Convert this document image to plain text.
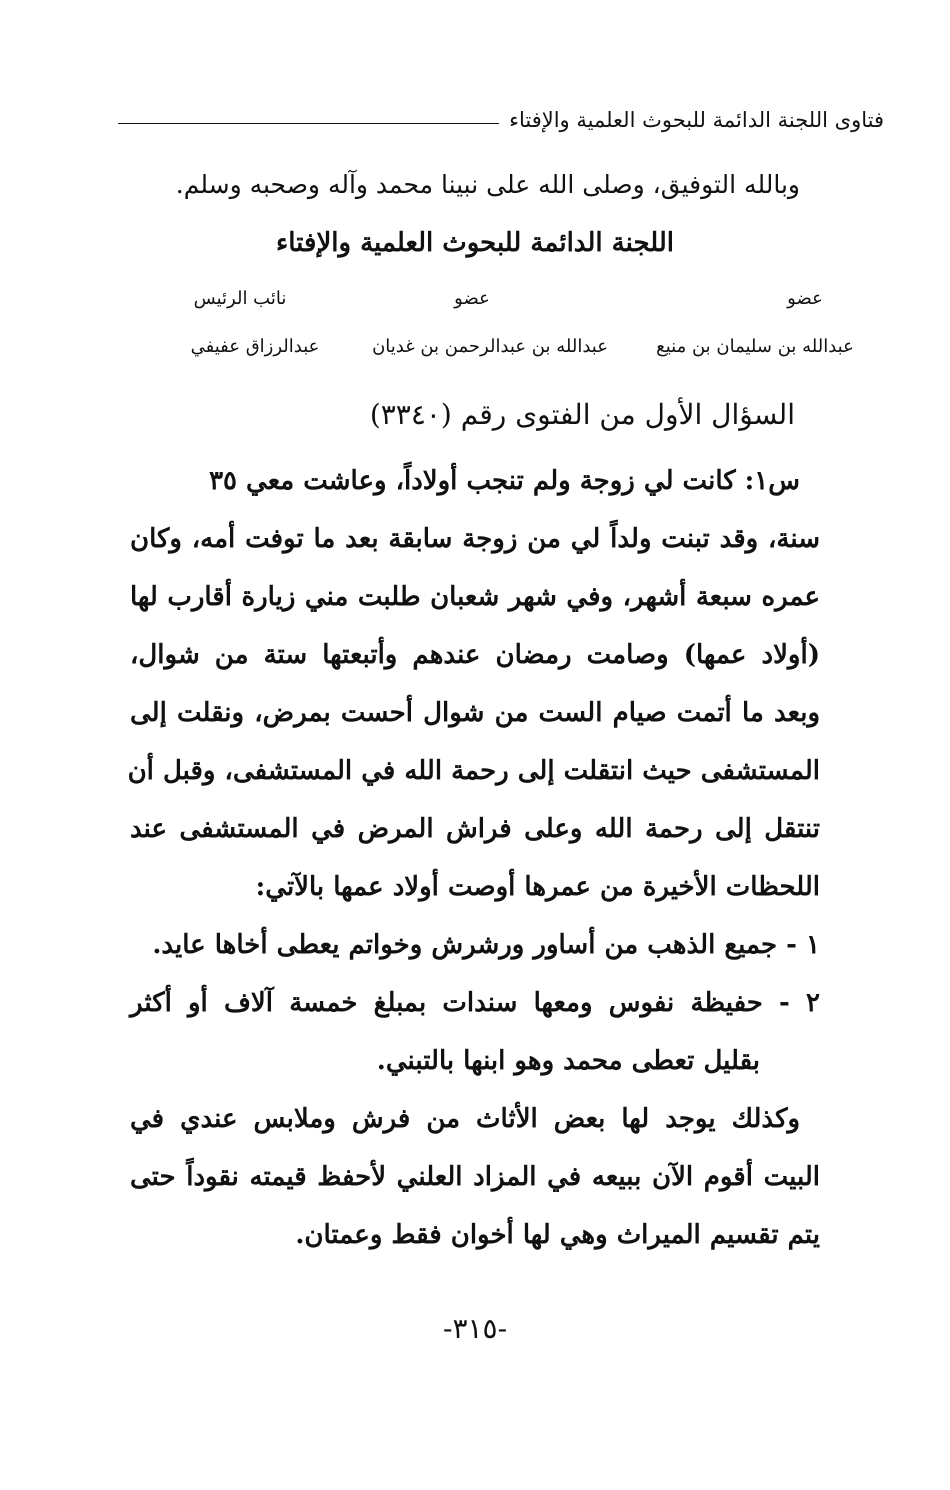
فتاوى اللجنة الدائمة للبحوث العلمية والإفتاء
وبالله التوفيق، وصلى الله على نبينا محمد وآله وصحبه وسلم.
اللجنة الدائمة للبحوث العلمية والإفتاء
عضو
عضو
نائب الرئيس
عبدالله بن سليمان بن منيع
عبدالله بن عبدالرحمن بن غديان
عبدالرزاق عفيفي
السؤال الأول من الفتوى رقم (٣٣٤٠)
س١: كانت لي زوجة ولم تنجب أولاداً، وعاشت معي ٣٥
سنة، وقد تبنت ولداً لي من زوجة سابقة بعد ما توفت أمه، وكان
عمره سبعة أشهر، وفي شهر شعبان طلبت مني زيارة أقارب لها
(أولاد عمها) وصامت رمضان عندهم وأتبعتها ستة من شوال،
وبعد ما أتمت صيام الست من شوال أحست بمرض، ونقلت إلى
المستشفى حيث انتقلت إلى رحمة الله في المستشفى، وقبل أن
تنتقل إلى رحمة الله وعلى فراش المرض في المستشفى عند
اللحظات الأخيرة من عمرها أوصت أولاد عمها بالآتي:
١ - جميع الذهب من أساور ورشرش وخواتم يعطى أخاها عايد.
٢ - حفيظة نفوس ومعها سندات بمبلغ خمسة آلاف أو أكثر
بقليل تعطى محمد وهو ابنها بالتبني.
وكذلك يوجد لها بعض الأثاث من فرش وملابس عندي في
البيت أقوم الآن ببيعه في المزاد العلني لأحفظ قيمته نقوداً حتى
يتم تقسيم الميراث وهي لها أخوان فقط وعمتان.
-٣١٥-
